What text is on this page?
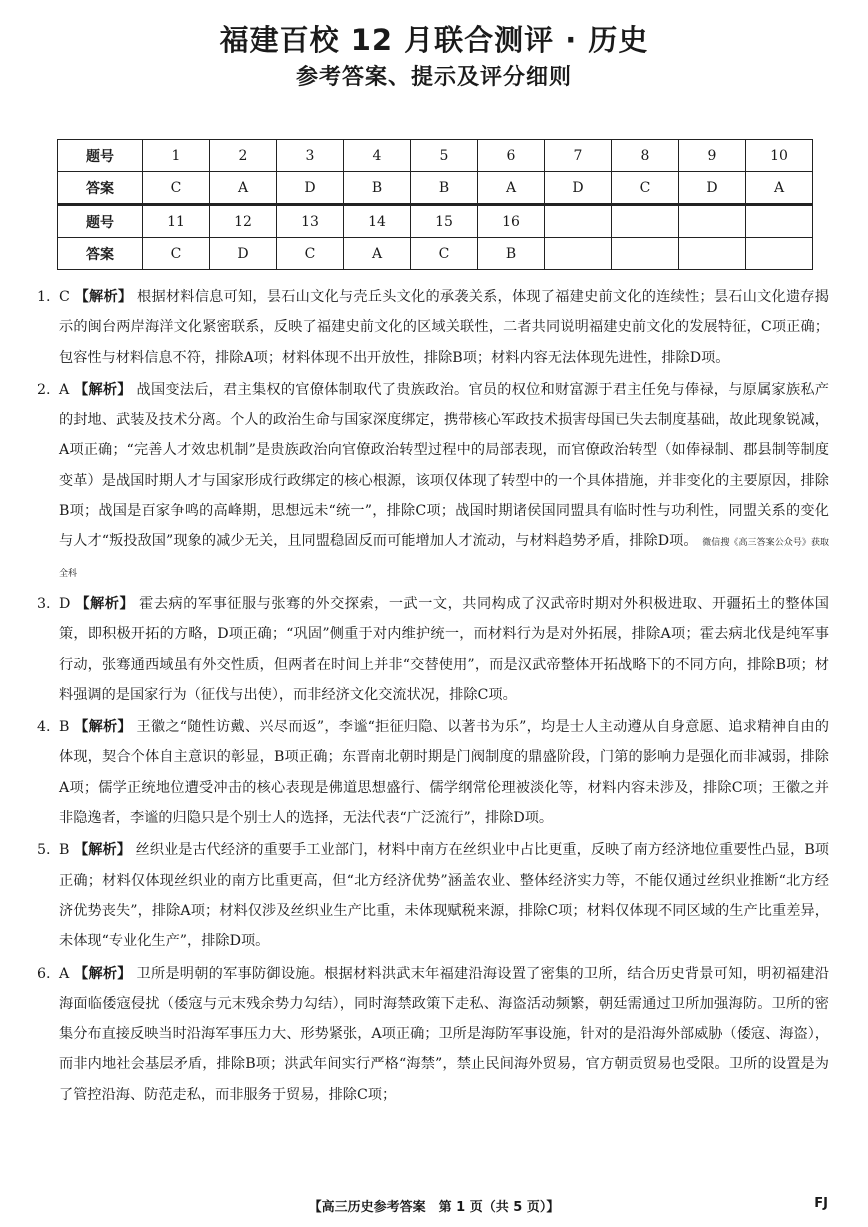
福建百校 12 月联合测评 · 历史
参考答案、提示及评分细则
题号	1	2	3	4	5	6	7	8	9	10
答案	C	A	D	B	B	A	D	C	D	A
题号	11	12	13	14	15	16				
答案	C	D	C	A	C	B				
1. C 【解析】 根据材料信息可知，昙石山文化与壳丘头文化的承袭关系，体现了福建史前文化的连续性；昙石山文化遗存揭示的闽台两岸海洋文化紧密联系，反映了福建史前文化的区域关联性，二者共同说明福建史前文化的发展特征，C项正确；包容性与材料信息不符，排除A项；材料体现不出开放性，排除B项；材料内容无法体现先进性，排除D项。
2. A 【解析】 战国变法后，君主集权的官僚体制取代了贵族政治。官员的权位和财富源于君主任免与俸禄，与原属家族私产的封地、武装及技术分离。个人的政治生命与国家深度绑定，携带核心军政技术损害母国已失去制度基础，故此现象锐减，A项正确；“完善人才效忠机制”是贵族政治向官僚政治转型过程中的局部表现，而官僚政治转型（如俸禄制、郡县制等制度变革）是战国时期人才与国家形成行政绑定的核心根源，该项仅体现了转型中的一个具体措施，并非变化的主要原因，排除B项；战国是百家争鸣的高峰期，思想远未“统一”，排除C项；战国时期诸侯国同盟具有临时性与功利性，同盟关系的变化与人才“叛投敌国”现象的减少无关，且同盟稳固反而可能增加人才流动，与材料趋势矛盾，排除D项。 微信搜《高三答案公众号》获取全科
3. D 【解析】 霍去病的军事征服与张骞的外交探索，一武一文，共同构成了汉武帝时期对外积极进取、开疆拓土的整体国策，即积极开拓的方略，D项正确；“巩固”侧重于对内维护统一，而材料行为是对外拓展，排除A项；霍去病北伐是纯军事行动，张骞通西域虽有外交性质，但两者在时间上并非“交替使用”，而是汉武帝整体开拓战略下的不同方向，排除B项；材料强调的是国家行为（征伐与出使），而非经济文化交流状况，排除C项。
4. B 【解析】 王徽之“随性访戴、兴尽而返”，李谧“拒征归隐、以著书为乐”，均是士人主动遵从自身意愿、追求精神自由的体现，契合个体自主意识的彰显，B项正确；东晋南北朝时期是门阀制度的鼎盛阶段，门第的影响力是强化而非减弱，排除A项；儒学正统地位遭受冲击的核心表现是佛道思想盛行、儒学纲常伦理被淡化等，材料内容未涉及，排除C项；王徽之并非隐逸者，李谧的归隐只是个别士人的选择，无法代表“广泛流行”，排除D项。
5. B 【解析】 丝织业是古代经济的重要手工业部门，材料中南方在丝织业中占比更重，反映了南方经济地位重要性凸显，B项正确；材料仅体现丝织业的南方比重更高，但“北方经济优势”涵盖农业、整体经济实力等，不能仅通过丝织业推断“北方经济优势丧失”，排除A项；材料仅涉及丝织业生产比重，未体现赋税来源，排除C项；材料仅体现不同区域的生产比重差异，未体现“专业化生产”，排除D项。
6. A 【解析】 卫所是明朝的军事防御设施。根据材料洪武末年福建沿海设置了密集的卫所，结合历史背景可知，明初福建沿海面临倭寇侵扰（倭寇与元末残余势力勾结），同时海禁政策下走私、海盗活动频繁，朝廷需通过卫所加强海防。卫所的密集分布直接反映当时沿海军事压力大、形势紧张，A项正确；卫所是海防军事设施，针对的是沿海外部威胁（倭寇、海盗），而非内地社会基层矛盾，排除B项；洪武年间实行严格“海禁”，禁止民间海外贸易，官方朝贡贸易也受限。卫所的设置是为了管控沿海、防范走私，而非服务于贸易，排除C项；
【高三历史参考答案　第 1 页（共 5 页）】	FJ
